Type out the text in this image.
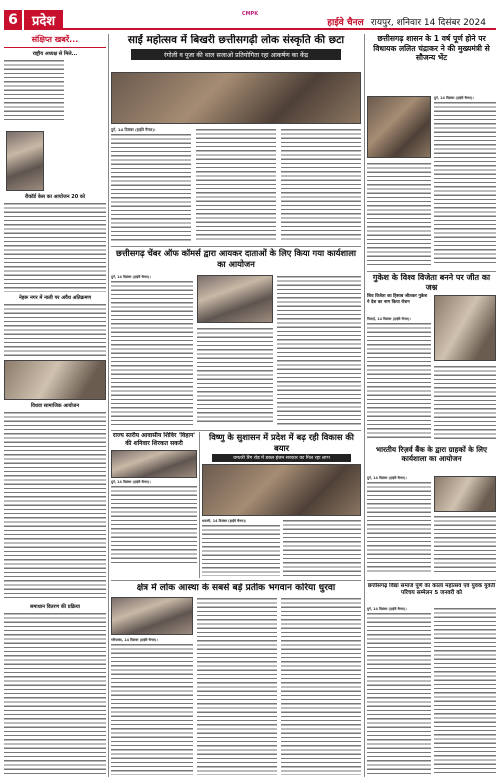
CMPK
6	प्रदेश	हाईवे चैनल रायपुर, शनिवार 14 दिसंबर 2024
संक्षिप्त खबरें...
राष्ट्रीय अध्यक्ष से मिले...

रीकॉर्ड केस का आयोजन 20 को
नेहरू नगर में नाली पर अवैध अतिक्रमण
विधवा सामाजिक आयोजन
समाधान वितरण की प्रक्रिया
साईं महोत्सव में बिखरी छत्तीसगढ़ी लोक संस्कृति की छटा
रंगोली व पूजा की थाल सजाओ प्रतियोगिता रहा आकर्षण का केंद्र
दुर्ग, 14 दिसंबर (हाईवे चैनल)।
छत्तीसगढ़ शासन के 1 वर्ष पूर्ण होने पर विधायक ललित चंद्राकर ने की मुख्यमंत्री से सौजन्य भेंट
दुर्ग, 14 दिसंबर (हाईवे चैनल)।
छत्तीसगढ़ चेंबर ऑफ कॉमर्स द्वारा आयकर दाताओं के लिए किया गया कार्यशाला का आयोजन
दुर्ग, 14 दिसंबर (हाईवे चैनल)।	गुकेश के विश्व विजेता बनने पर जीत का जश्न
शिव विजेता का हिसाब जीतकर गुकेश ने देश का नाम किया रोशन
मिलाई, 14 दिसंबर (हाईवे चैनल)।
राज्य स्तरीय आवासीय शिविर 'विहान' की शनिवार शिरकत सकरी
दुर्ग, 14 दिसंबर (हाईवे चैनल)।
विष्णु के सुशासन में प्रदेश में बढ़ रही विकास की बयार
धमतरी रिंग रोड में डबल इंजन सरकार का मिल रहा लाभ
धमतरी, 14 दिसंबर (हाईवे चैनल)।
भारतीय रिज़र्व बैंक के द्वारा ग्राहकों के लिए कार्यशाला का आयोजन
दुर्ग, 14 दिसंबर (हाईवे चैनल)।
क्षेत्र में लोक आस्था के सबसे बड़े प्रतीक भगवान करिया धुरवा
गरियाबंद, 14 दिसंबर (हाईवे चैनल)।
छत्तीसगढ़ विद्या समाज पूर्ण का काला महोत्सव एवं युवक युवती परिचय सम्मेलन 5 जनवरी को
दुर्ग, 14 दिसंबर (हाईवे चैनल)।
